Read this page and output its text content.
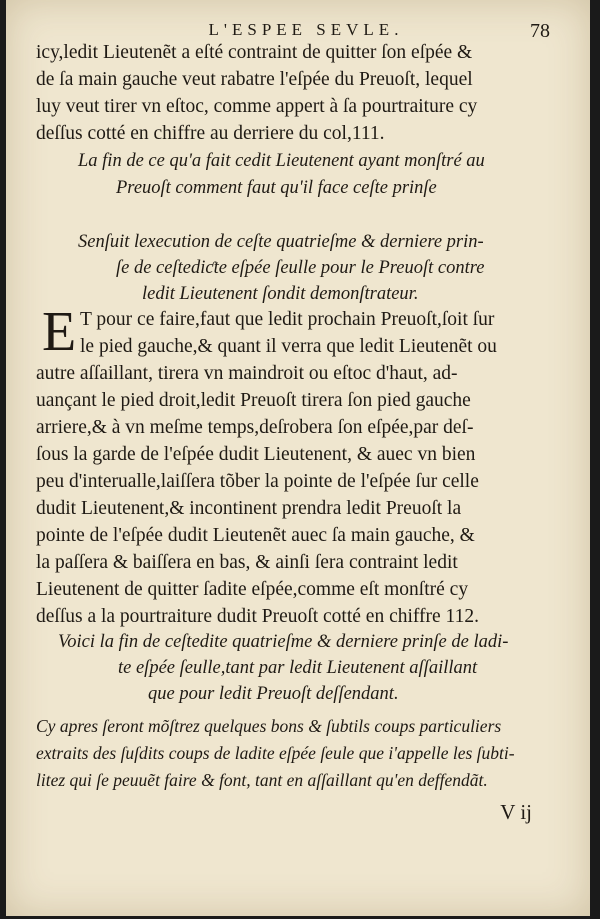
L'ESPEE SEVLE.	78
icy,ledit Lieutenẽt a eſté contraint de quitter ſon eſpée &
de ſa main gauche veut rabatre l'eſpée du Preuoſt, lequel
luy veut tirer vn eſtoc, comme appert à ſa pourtraiture cy
deſſus cotté en chiffre au derriere du col,111.
La fin de ce qu'a fait cedit Lieutenent ayant monſtré au
Preuoſt comment faut qu'il face ceſte prinſe
Senſuit lexecution de ceſte quatrieſme & derniere prin-
ſe de ceſtediƈte eſpée ſeulle pour le Preuoſt contre
ledit Lieutenent ſondit demonſtrateur.
E T pour ce faire,faut que ledit prochain Preuoſt,ſoit ſur
le pied gauche,& quant il verra que ledit Lieutenẽt ou
autre aſſaillant, tirera vn maindroit ou eſtoc d'haut, ad-
uançant le pied droit,ledit Preuoſt tirera ſon pied gauche
arriere,& à vn meſme temps,deſrobera ſon eſpée,par deſ-
ſous la garde de l'eſpée dudit Lieutenent, & auec vn bien
peu d'interualle,laiſſera tõber la pointe de l'eſpée ſur celle
dudit Lieutenent,& incontinent prendra ledit Preuoſt la
pointe de l'eſpée dudit Lieutenẽt auec ſa main gauche, &
la paſſera & baiſſera en bas, & ainſi ſera contraint ledit
Lieutenent de quitter ſadite eſpée,comme eſt monſtré cy
deſſus a la pourtraiture dudit Preuoſt cotté en chiffre 112.
Voici la fin de ceſtedite quatrieſme & derniere prinſe de ladi-
te eſpée ſeulle,tant par ledit Lieutenent aſſaillant
que pour ledit Preuoſt deſſendant.
Cy apres ſeront mõſtrez quelques bons & ſubtils coups particuliers
extraits des ſuſdits coups de ladite eſpée ſeule que i'appelle les ſubti-
litez qui ſe peuuẽt faire & font, tant en aſſaillant qu'en deffendãt.
V ij
